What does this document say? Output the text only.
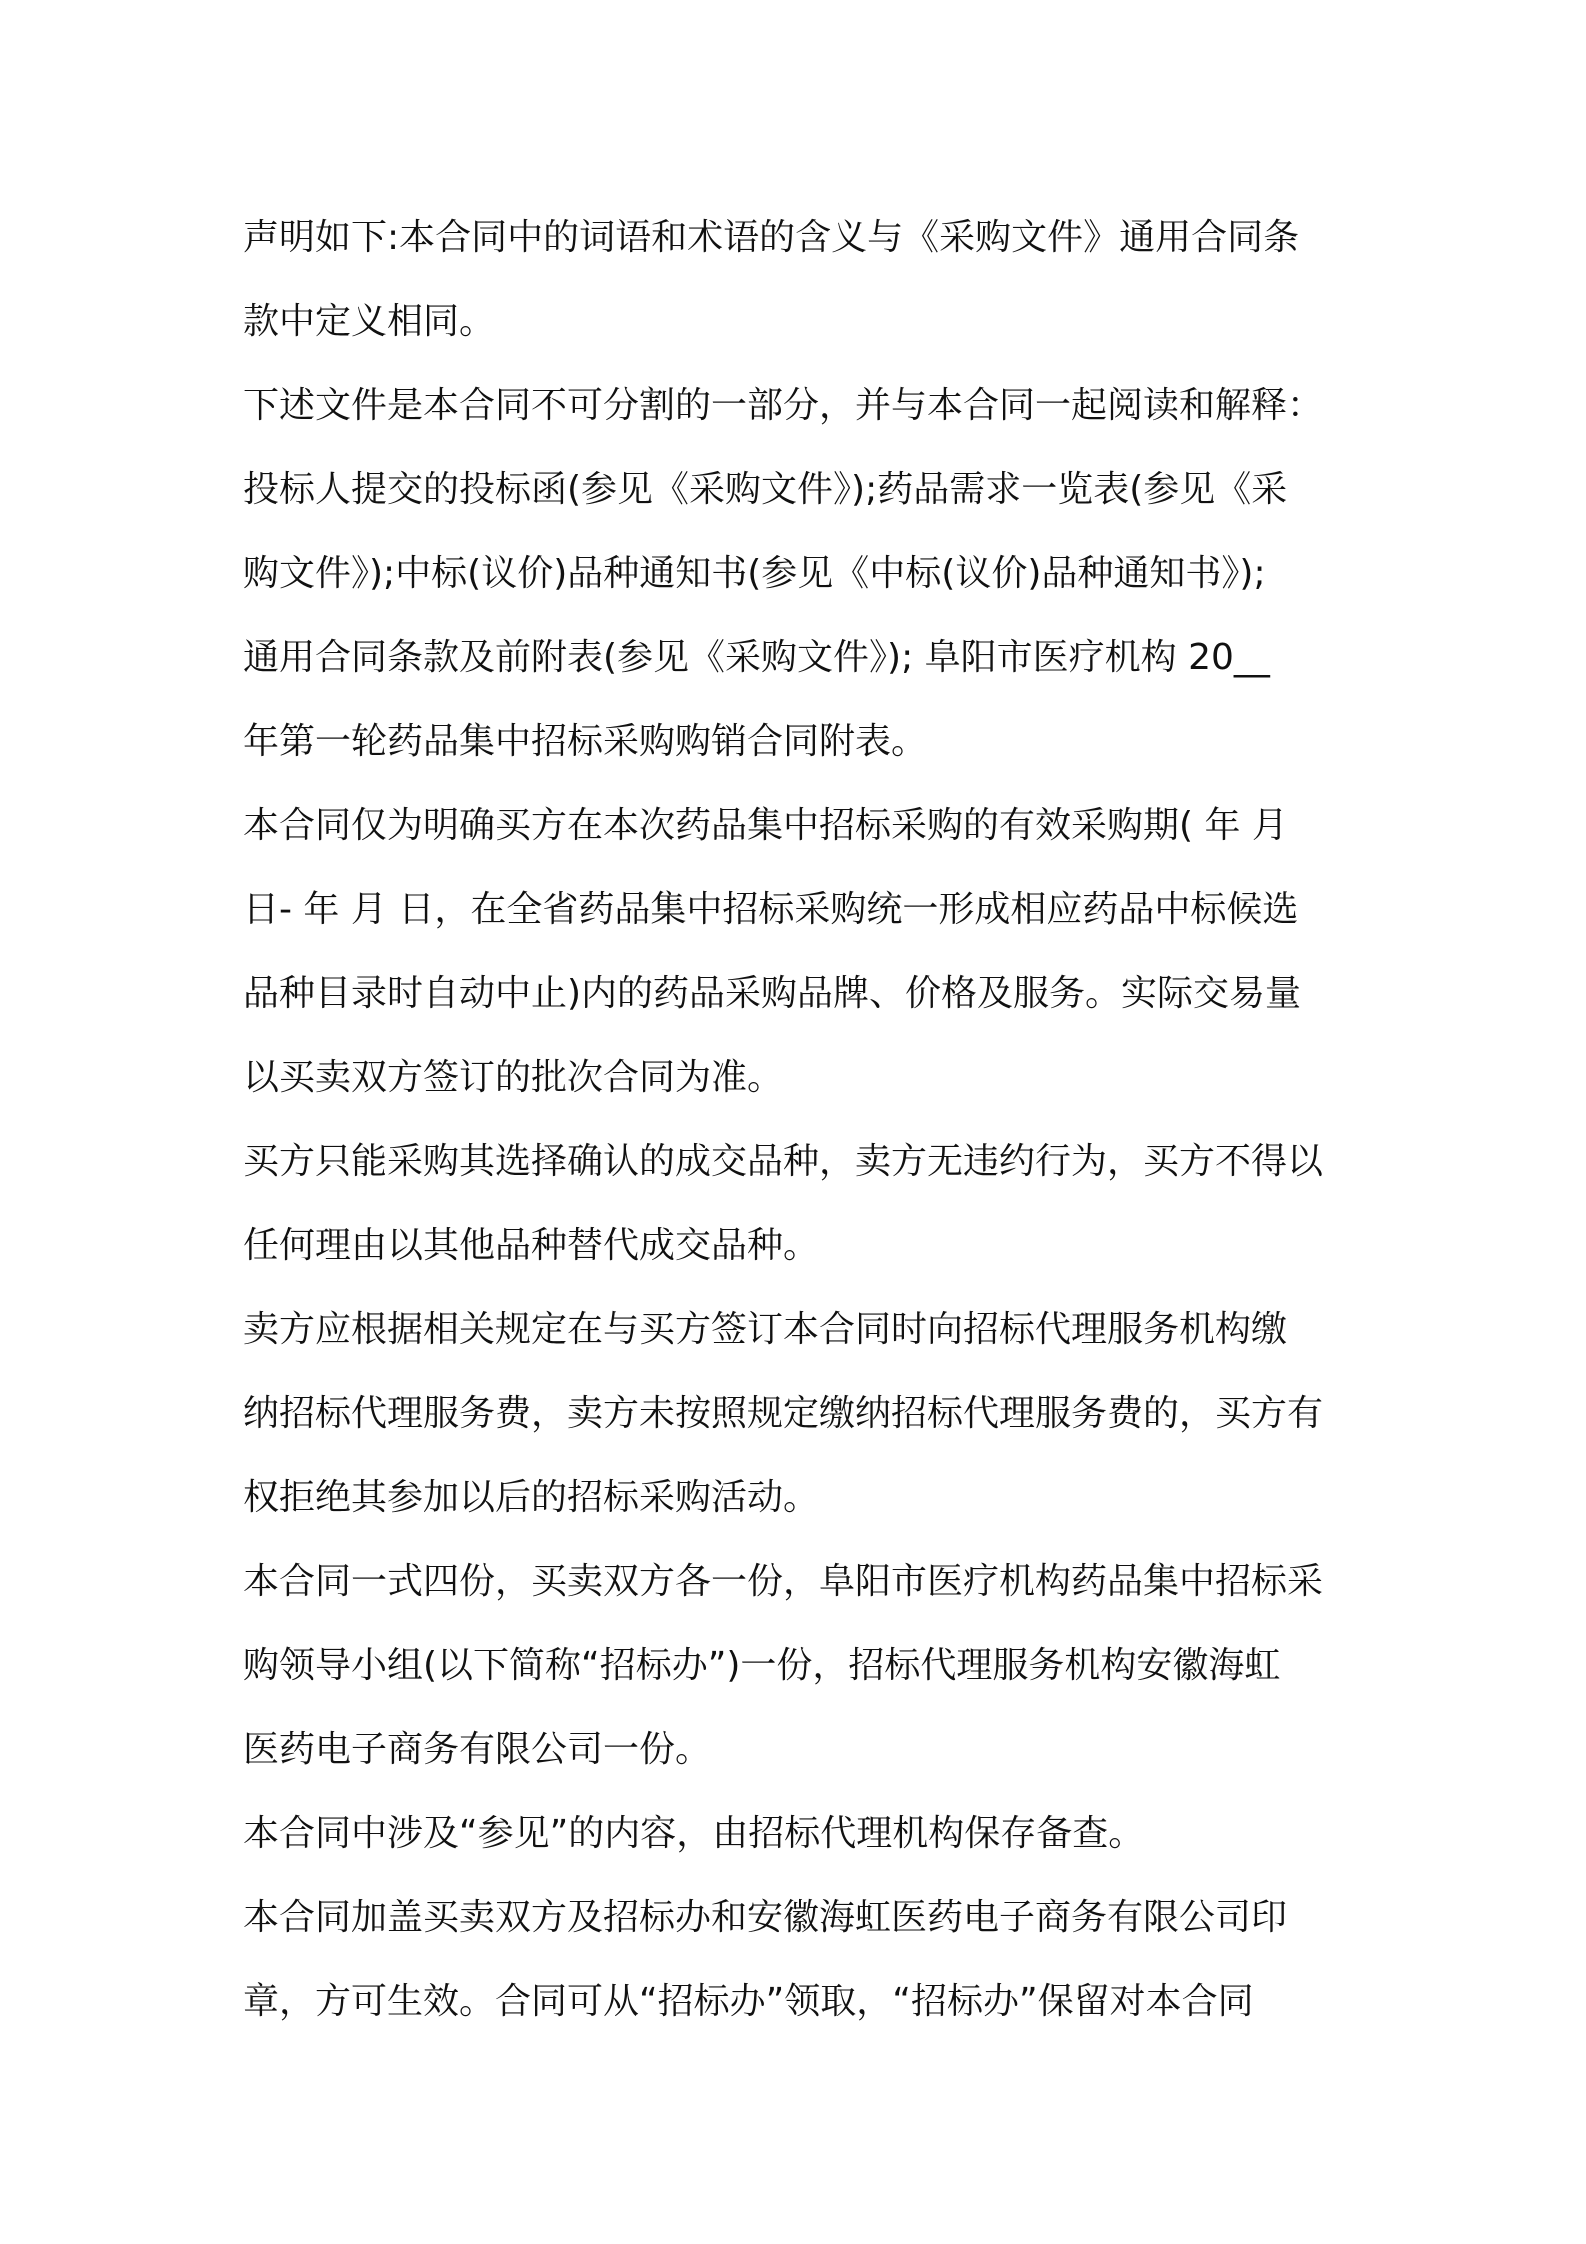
声明如下:本合同中的词语和术语的含义与《采购文件》通用合同条

款中定义相同。

下述文件是本合同不可分割的一部分，并与本合同一起阅读和解释：

投标人提交的投标函(参见《采购文件》);药品需求一览表(参见《采

购文件》);中标(议价)品种通知书(参见《中标(议价)品种通知书》);

通用合同条款及前附表(参见《采购文件》); 阜阳市医疗机构 20__

年第一轮药品集中招标采购购销合同附表。

本合同仅为明确买方在本次药品集中招标采购的有效采购期( 年 月

日- 年 月 日，在全省药品集中招标采购统一形成相应药品中标候选

品种目录时自动中止)内的药品采购品牌、价格及服务。实际交易量

以买卖双方签订的批次合同为准。

买方只能采购其选择确认的成交品种，卖方无违约行为，买方不得以

任何理由以其他品种替代成交品种。

卖方应根据相关规定在与买方签订本合同时向招标代理服务机构缴

纳招标代理服务费，卖方未按照规定缴纳招标代理服务费的，买方有

权拒绝其参加以后的招标采购活动。

本合同一式四份，买卖双方各一份，阜阳市医疗机构药品集中招标采

购领导小组(以下简称“招标办”)一份，招标代理服务机构安徽海虹

医药电子商务有限公司一份。

本合同中涉及“参见”的内容，由招标代理机构保存备查。

本合同加盖买卖双方及招标办和安徽海虹医药电子商务有限公司印

章，方可生效。合同可从“招标办”领取，“招标办”保留对本合同
